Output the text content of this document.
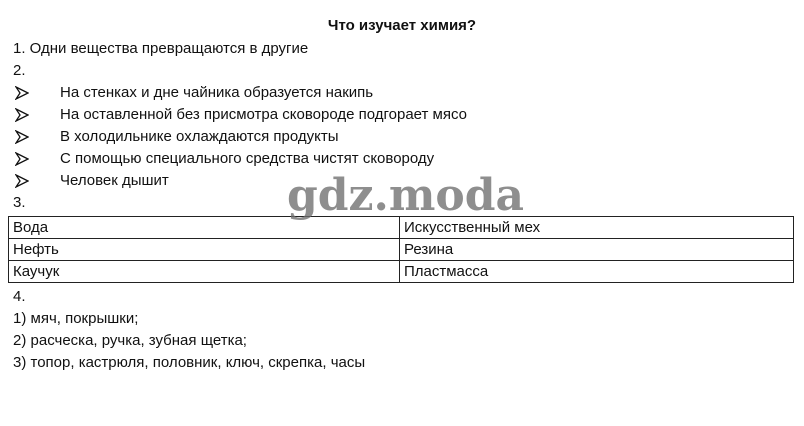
Что изучает химия?
1. Одни вещества превращаются в другие
2.
На стенках и дне чайника образуется накипь
На оставленной без присмотра сковороде подгорает мясо
В холодильнике охлаждаются продукты
С помощью специального средства чистят сковороду
Человек дышит
3.
Вода	Искусственный мех
Нефть	Резина
Каучук	Пластмасса
4.
1) мяч, покрышки;
2) расческа, ручка, зубная щетка;
3) топор, кастрюля, половник, ключ, скрепка, часы
gdz.moda
